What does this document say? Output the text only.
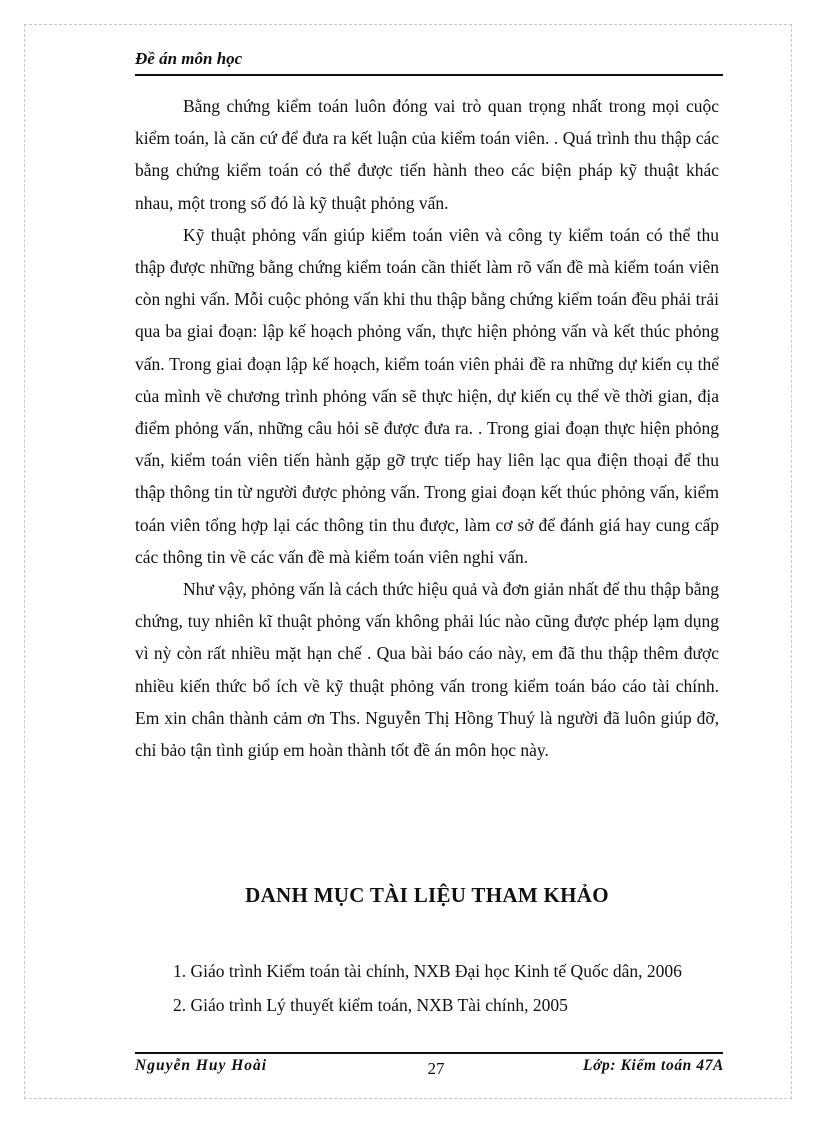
Đề án môn học

Bằng chứng kiểm toán luôn đóng vai trò quan trọng nhất trong mọi cuộc kiểm toán, là căn cứ để đưa ra kết luận của kiểm toán viên. . Quá trình thu thập các bằng chứng kiểm toán có thể được tiến hành theo các biện pháp kỹ thuật khác nhau, một trong số đó là kỹ thuật phỏng vấn.

Kỹ thuật phỏng vấn giúp kiểm toán viên và công ty kiểm toán có thể thu thập được những bằng chứng kiểm toán cần thiết làm rõ vấn đề mà kiểm toán viên còn nghi vấn. Mỗi cuộc phỏng vấn khi thu thập bằng chứng kiểm toán đều phải trải qua ba giai đoạn: lập kế hoạch phỏng vấn, thực hiện phỏng vấn và kết thúc phỏng vấn. Trong giai đoạn lập kế hoạch, kiểm toán viên phải đề ra những dự kiến cụ thể của mình về chương trình phỏng vấn sẽ thực hiện, dự kiến cụ thể về thời gian, địa điểm phỏng vấn, những câu hỏi sẽ được đưa ra. . Trong giai đoạn thực hiện phỏng vấn, kiểm toán viên tiến hành gặp gỡ trực tiếp hay liên lạc qua điện thoại để thu thập thông tin từ người được phỏng vấn. Trong giai đoạn kết thúc phỏng vấn, kiểm toán viên tổng hợp lại các thông tin thu được, làm cơ sở để đánh giá hay cung cấp các thông tin về các vấn đề mà kiểm toán viên nghi vấn.

Như vậy, phỏng vấn là cách thức hiệu quả và đơn giản nhất để thu thập bằng chứng, tuy nhiên kĩ thuật phỏng vấn không phải lúc nào cũng được phép lạm dụng vì nỳ còn rất nhiều mặt hạn chế . Qua bài báo cáo này, em đã thu thập thêm được nhiều kiến thức bổ ích về kỹ thuật phỏng vấn trong kiểm toán báo cáo tài chính. Em xin chân thành cảm ơn Ths. Nguyễn Thị Hồng Thuý là người đã luôn giúp đỡ, chỉ bảo tận tình giúp em hoàn thành tốt đề án môn học này.

DANH MỤC TÀI LIỆU THAM KHẢO
1. Giáo trình Kiểm toán tài chính, NXB Đại học Kinh tế Quốc dân, 2006
2. Giáo trình Lý thuyết kiểm toán, NXB Tài chính, 2005
Nguyễn Huy Hoài	27	Lớp: Kiểm toán 47A
